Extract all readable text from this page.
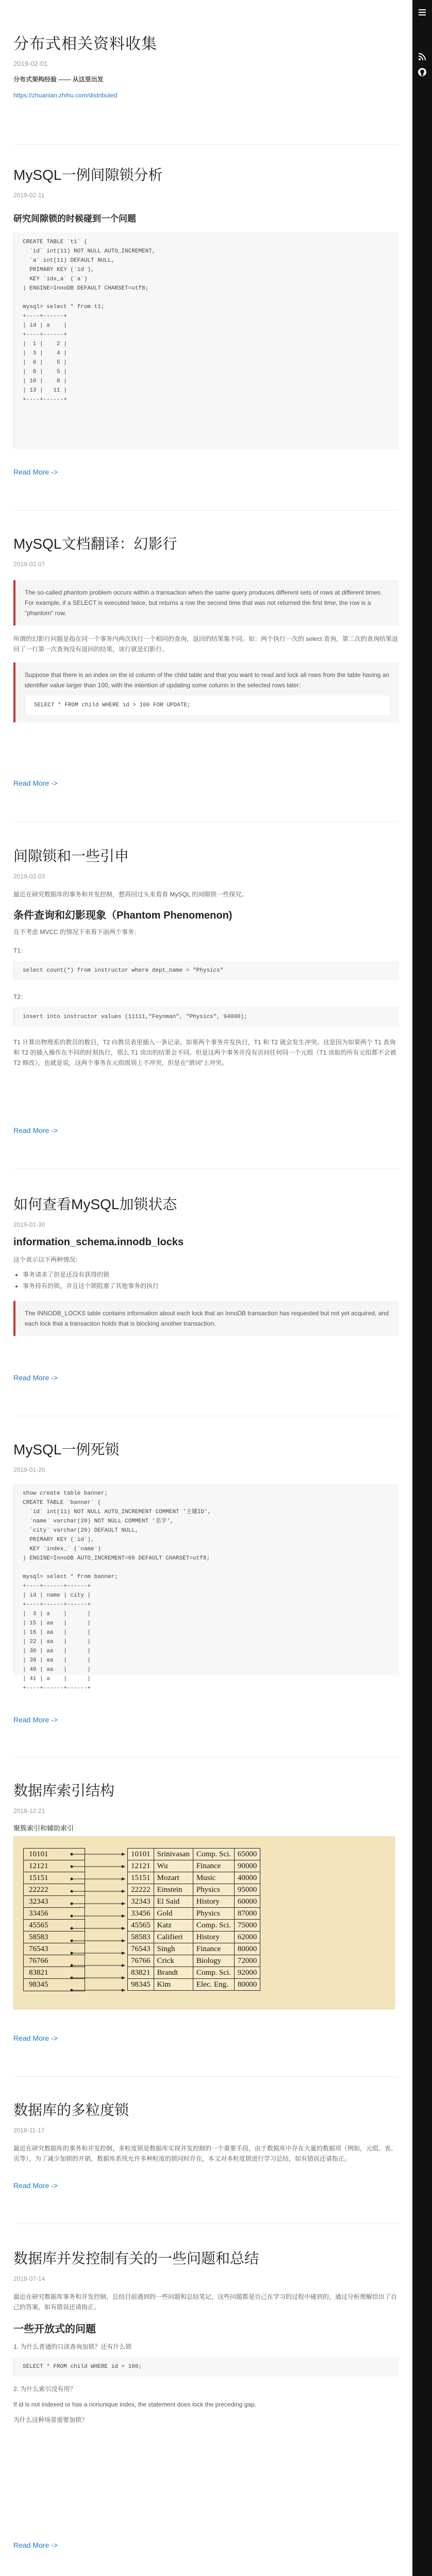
分布式相关资料收集
2019-02-01
分布式架构经验 —— 从这里出发
https://zhuanlan.zhihu.com/distributed
MySQL一例间隙锁分析
2019-02-11
研究间隙锁的时候碰到一个问题
CREATE TABLE `t1` (
`id` int(11) NOT NULL AUTO_INCREMENT,
`a` int(11) DEFAULT NULL,
PRIMARY KEY (`id`),
KEY `idx_a` (`a`)
) ENGINE=InnoDB DEFAULT CHARSET=utf8;

mysql> select * from t1;
+----+------+
| id | a    |
+----+------+
|  1 |    2 |
|  3 |    4 |
|  6 |    5 |
|  8 |    5 |
| 10 |    8 |
| 13 |   11 |
+----+------+
Read More ->
MySQL文档翻译：幻影行
2019-02-07
The so-called phantom problem occurs within a transaction when the same query produces different sets of rows at different times. For example, if a SELECT is executed twice, but returns a row the second time that was not returned the first time, the row is a "phantom" row.
所谓的幻影行问题是指在同一个事务内两次执行一个相同的查询，返回的结果集不同。如：两个执行一次的 select 查询，第二次的查询结果返回了一行第一次查询没有返回的结果，该行就是幻影行。
Suppose that there is an index on the id column of the child table and that you want to read and lock all rows from the table having an identifier value larger than 100, with the intention of updating some column in the selected rows later:
SELECT * FROM child WHERE id > 100 FOR UPDATE;
Read More ->
间隙锁和一些引申
2019-02-03
最近在研究数据库的事务和并发控制，想再回过头来看看 MySQL 的间隙锁一些探究。
条件查询和幻影现象（Phantom Phenomenon)
在不考虑 MVCC 的情况下来看下面两个事务：
T1：
select count(*) from instructor where dept_name = "Physics"
T2：
insert into instructor values (11111,"Feynman", "Physics", 94000);
T1 计算出物理系的教员的数目，T2 向教员表里插入一条记录。如果两个事务并发执行，T1 和 T2 就会发生冲突。这是因为如果两个 T1 查询和 T2 的插入操作在不同的时刻执行，那么 T1 读出的结果会不同。但是这两个事务并没有访问任何同一个元组（T1 读取的所有元组都不会被 T2 修改），也就是说，这两个事务在元组级别上不冲突，但是在"谓词"上冲突。
Read More ->
如何查看MySQL加锁状态
2019-01-30
information_schema.innodb_locks
这个表示以下两种情况：
• 事务请求了但是还没有获得的锁
• 事务持有的锁，并且这个锁阻塞了其他事务的执行
The INNODB_LOCKS table contains information about each lock that an InnoDB transaction has requested but not yet acquired, and each lock that a transaction holds that is blocking another transaction.
Read More ->
MySQL一例死锁
2019-01-20
show create table banner;
CREATE TABLE `banner` (
`id` int(11) NOT NULL AUTO_INCREMENT COMMENT '主键ID',
`name` varchar(20) NOT NULL COMMENT '名字',
`city` varchar(20) DEFAULT NULL,
PRIMARY KEY (`id`),
KEY `index_` (`name`)
) ENGINE=InnoDB AUTO_INCREMENT=60 DEFAULT CHARSET=utf8;

mysql> select * from banner;
+----+------+------+
| id | name | city |
+----+------+------+
|  3 | a    |      |
| 15 | aa   |      |
| 16 | aa   |      |
| 22 | aa   |      |
| 30 | aa   |      |
| 39 | aa   |      |
| 40 | aa   |      |
| 41 | a    |      |
+----+------+------+
Read More ->
数据库索引结构
2018-12-21
聚簇索引和辅助索引
10101
12121
15151
22222
32343
33456
45565
58583
76543
76766
83821
98345
10101	Srinivasan	Comp. Sci.	65000
12121	Wu	Finance	90000
15151	Mozart	Music	40000
22222	Einstein	Physics	95000
32343	El Said	History	60000
33456	Gold	Physics	87000
45565	Katz	Comp. Sci.	75000
58583	Califieri	History	62000
76543	Singh	Finance	80000
76766	Crick	Biology	72000
83821	Brandt	Comp. Sci.	92000
98345	Kim	Elec. Eng.	80000
Read More ->
数据库的多粒度锁
2018-11-17
最近在研究数据库的事务和并发控制，多粒度锁是数据库实现并发控制的一个重要手段，由于数据库中存在大量的数据项（例如，元组、表、页等），为了减少加锁的开销，数据库系统允许多种粒度的锁同时存在，本文对多粒度锁进行学习总结，如有错误还请指正。
Read More ->
数据库并发控制有关的一些问题和总结
2018-07-14
最近在研究数据库事务和并发控制，总结目前遇到的一些问题和总结笔记，这些问题都是自己在学习的过程中碰到的，通过分析理解给出了自己的答案，如有错误还请指正。
一些开放式的问题
1. 为什么普通的只读查询加锁？还有什么锁
SELECT * FROM child WHERE id = 100;
2. 为什么索引没有用？
If id is not indexed or has a nonunique index, the statement does lock the preceding gap.
为什么这种场景需要加锁？
Read More ->
